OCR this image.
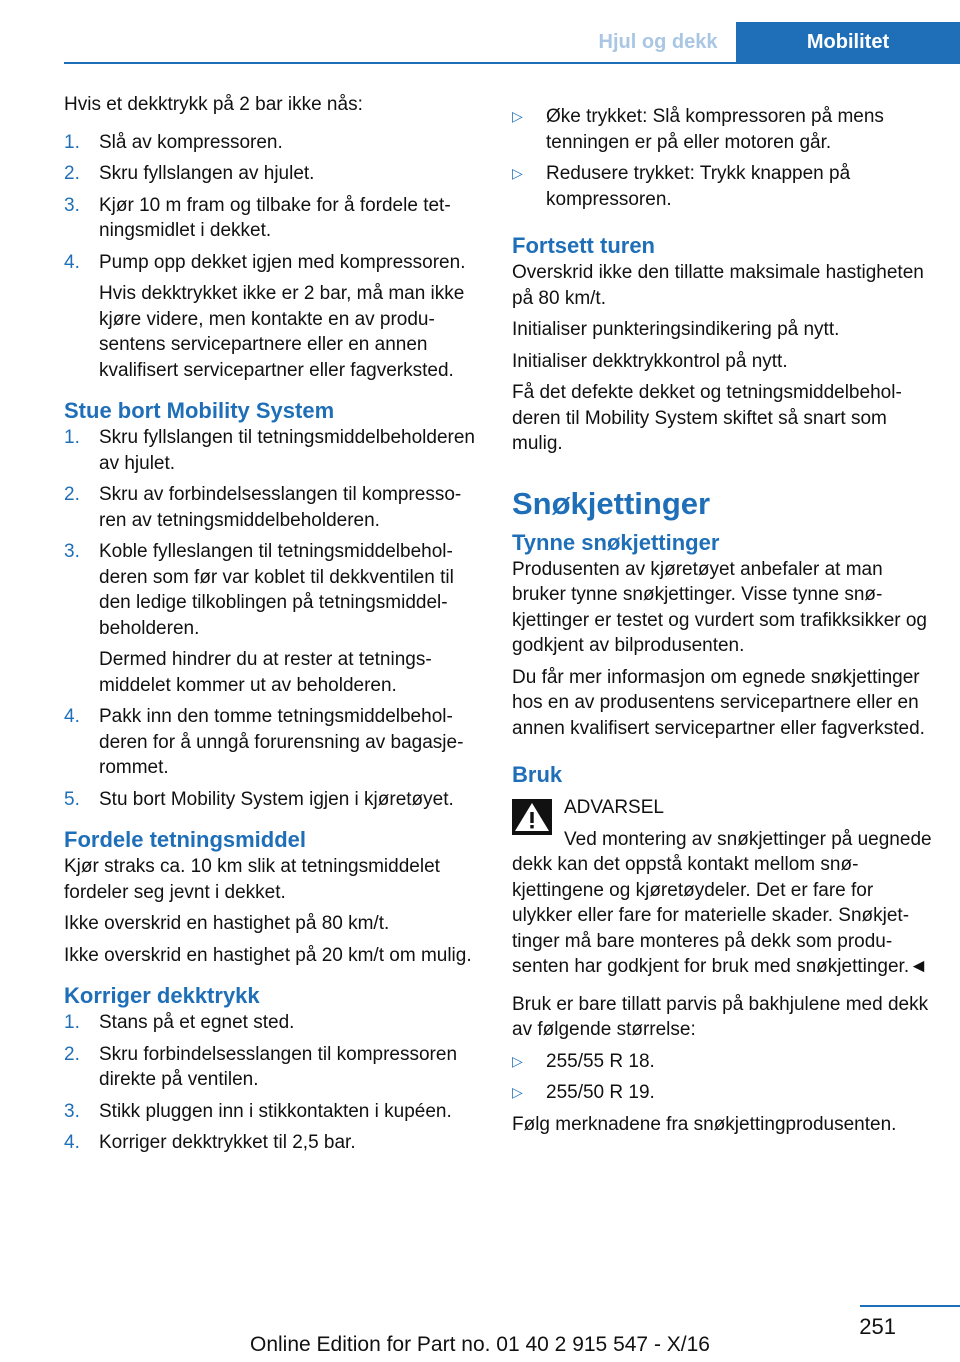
Hjul og dekk	Mobilitet

Hvis et dekktrykk på 2 bar ikke nås:

1. Slå av kompressoren.
2. Skru fyllslangen av hjulet.
3. Kjør 10 m fram og tilbake for å fordele tetningsmidlet i dekket.
4. Pump opp dekket igjen med kompressoren.
Hvis dekktrykket ikke er 2 bar, må man ikke kjøre videre, men kontakte en av produsentens servicepartnere eller en annen kvalifisert servicepartner eller fagverksted.
Stue bort Mobility System
1. Skru fyllslangen til tetningsmiddelbeholderen av hjulet.
2. Skru av forbindelsesslangen til kompressoren av tetningsmiddelbeholderen.
3. Koble fylleslangen til tetningsmiddelbeholderen som før var koblet til dekkventilen til den ledige tilkoblingen på tetningsmiddelbeholderen.
Dermed hindrer du at rester at tetningsmiddelet kommer ut av beholderen.
4. Pakk inn den tomme tetningsmiddelbeholderen for å unngå forurensning av bagasjerommet.
5. Stu bort Mobility System igjen i kjøretøyet.
Fordele tetningsmiddel

Kjør straks ca. 10 km slik at tetningsmiddelet fordeler seg jevnt i dekket.

Ikke overskrid en hastighet på 80 km/t.

Ikke overskrid en hastighet på 20 km/t om mulig.

Korriger dekktrykk
1. Stans på et egnet sted.
2. Skru forbindelsesslangen til kompressoren direkte på ventilen.
3. Stikk pluggen inn i stikkontakten i kupéen.
4. Korriger dekktrykket til 2,5 bar.
▷ Øke trykket: Slå kompressoren på mens tenningen er på eller motoren går.
▷ Redusere trykket: Trykk knappen på kompressoren.
Fortsett turen

Overskrid ikke den tillatte maksimale hastigheten på 80 km/t.

Initialiser punkteringsindikering på nytt.

Initialiser dekktrykkontrol på nytt.

Få det defekte dekket og tetningsmiddelbeholderen til Mobility System skiftet så snart som mulig.

Snøkjettinger
Tynne snøkjettinger

Produsenten av kjøretøyet anbefaler at man bruker tynne snøkjettinger. Visse tynne snøkjettinger er testet og vurdert som trafikksikker og godkjent av bilprodusenten.

Du får mer informasjon om egnede snøkjettinger hos en av produsentens servicepartnere eller en annen kvalifisert servicepartner eller fagverksted.

Bruk
ADVARSEL

Ved montering av snøkjettinger på uegnede dekk kan det oppstå kontakt mellom snøkjettingene og kjøretøydeler. Det er fare for ulykker eller fare for materielle skader. Snøkjettinger må bare monteres på dekk som produsenten har godkjent for bruk med snøkjettinger.◄

Bruk er bare tillatt parvis på bakhjulene med dekk av følgende størrelse:

▷ 255/55 R 18.
▷ 255/50 R 19.

Følg merknadene fra snøkjettingprodusenten.

251
Online Edition for Part no. 01 40 2 915 547 - X/16
